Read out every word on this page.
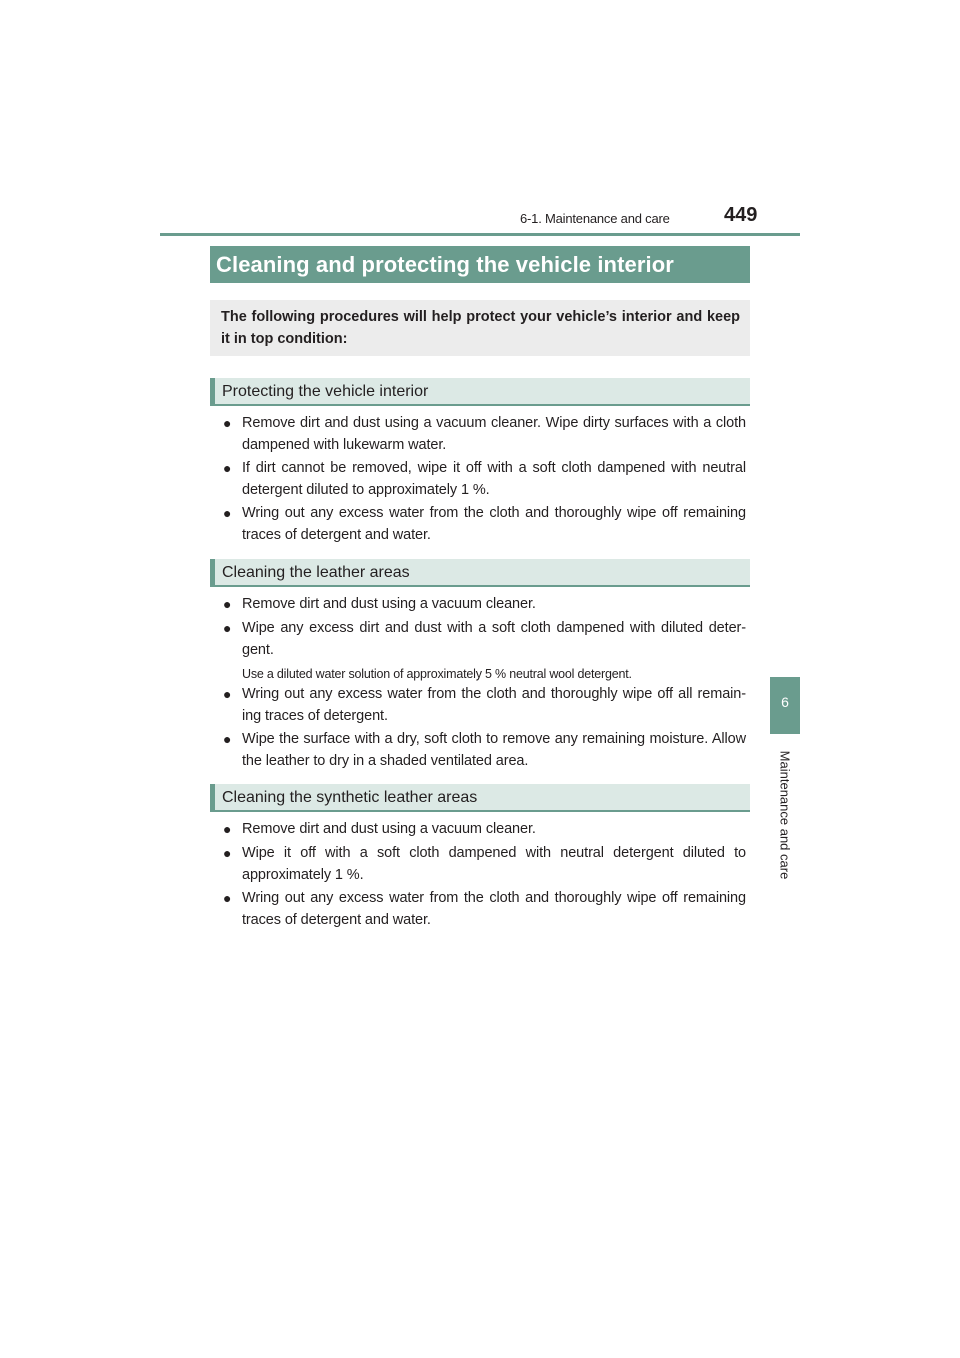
6-1. Maintenance and care	449
6
Maintenance and care
Cleaning and protecting the vehicle interior
The following procedures will help protect your vehicle’s interior and keep it in top condition:
Protecting the vehicle interior
● Remove dirt and dust using a vacuum cleaner. Wipe dirty surfaces with a cloth dampened with lukewarm water.
● If dirt cannot be removed, wipe it off with a soft cloth dampened with neutral detergent diluted to approximately 1 %.
● Wring out any excess water from the cloth and thoroughly wipe off remaining traces of detergent and water.
Cleaning the leather areas
● Remove dirt and dust using a vacuum cleaner.
● Wipe any excess dirt and dust with a soft cloth dampened with diluted deter-gent.
Use a diluted water solution of approximately 5 % neutral wool detergent.
● Wring out any excess water from the cloth and thoroughly wipe off all remain-ing traces of detergent.
● Wipe the surface with a dry, soft cloth to remove any remaining moisture. Allow the leather to dry in a shaded ventilated area.
Cleaning the synthetic leather areas
● Remove dirt and dust using a vacuum cleaner.
● Wipe it off with a soft cloth dampened with neutral detergent diluted to approximately 1 %.
● Wring out any excess water from the cloth and thoroughly wipe off remaining traces of detergent and water.
